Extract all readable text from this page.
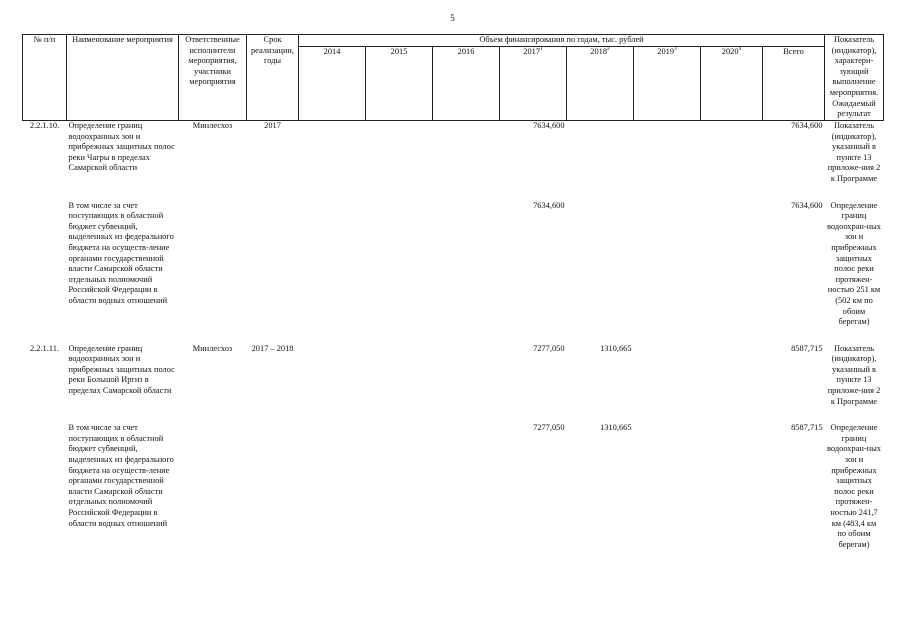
5
№ п/п	Наименование мероприятия	Ответственные исполнители мероприятия, участники мероприятия	Срок реализации, годы	Объем финансирования по годам, тыс. рублей								Показатель (индикатор), характери-зующий выполнение мероприятия. Ожидаемый результат
				2014	2015	2016	2017$^1$	2018$^2$	2019$^3$	2020$^4$	Всего	
2.2.1.10.	Определение границ водоохранных зон и прибрежных защитных полос реки Чагры в пределах Самарской области	Минлесхоз	2017				7634,600				7634,600	Показатель (индикатор), указанный в пункте 13 приложе-ния 2 к Программе

	В том числе за счет поступающих в областной бюджет субвенций, выделенных из федерального бюджета на осуществ-ление органами государственной власти Самарской области отдельных полномочий Российской Федерации в области водных отношений						7634,600				7634,600	Определение границ водоохран-ных зон и прибрежных защитных полос реки протяжен-ностью 251 км (502 км по обоим берегам)

2.2.1.11.	Определение границ водоохранных зон и прибрежных защитных полос реки Большой Иргиз в пределах Самарской области	Минлесхоз	2017 – 2018				7277,050	1310,665			8587,715	Показатель (индикатор), указанный в пункте 13 приложе-ния 2 к Программе

	В том числе за счет поступающих в областной бюджет субвенций, выделенных из федерального бюджета на осуществ-ление органами государственной власти Самарской области отдельных полномочий Российской Федерации в области водных отношений						7277,050	1310,665			8587,715	Определение границ водоохран-ных зон и прибрежных защитных полос реки протяжен-ностью 241,7 км (483,4 км по обоим берегам)
